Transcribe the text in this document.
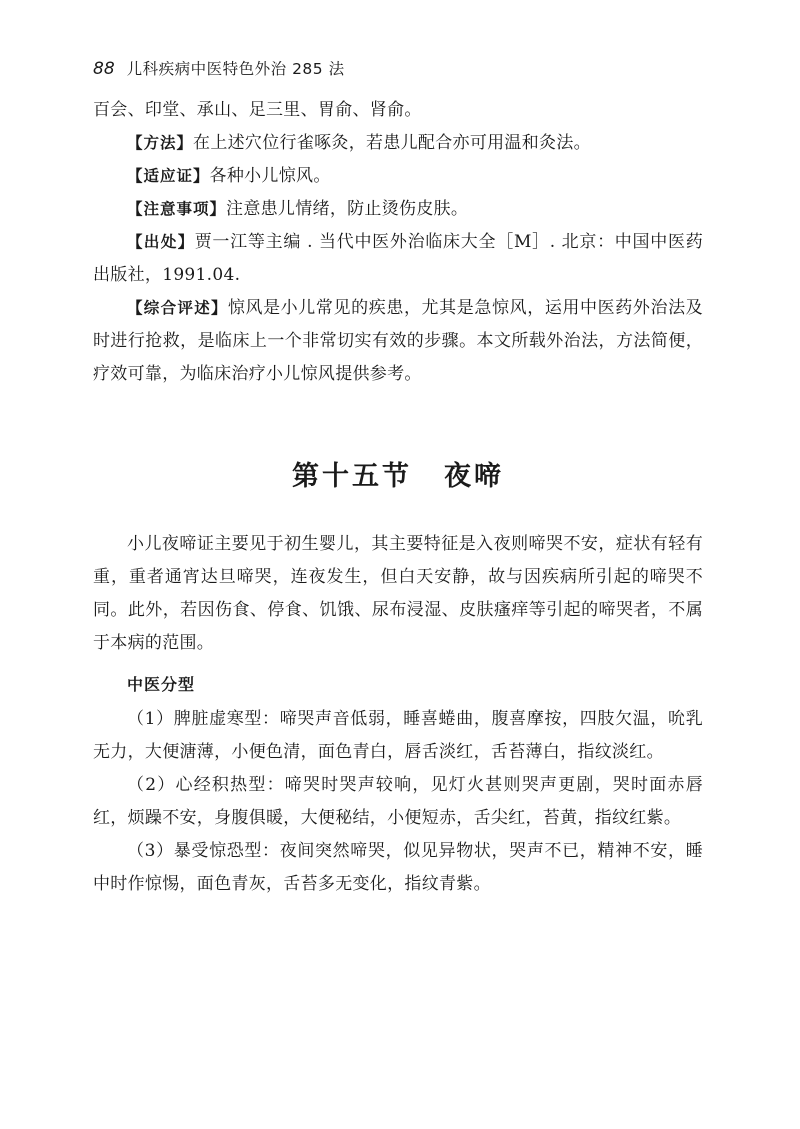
88 儿科疾病中医特色外治 285 法

百会、印堂、承山、足三里、胃俞、肾俞。

【方法】在上述穴位行雀啄灸，若患儿配合亦可用温和灸法。

【适应证】各种小儿惊风。

【注意事项】注意患儿情绪，防止烫伤皮肤。

【出处】贾一江等主编 . 当代中医外治临床大全［M］. 北京：中国中医药出版社，1991.04.

【综合评述】惊风是小儿常见的疾患，尤其是急惊风，运用中医药外治法及时进行抢救，是临床上一个非常切实有效的步骤。本文所载外治法，方法简便，疗效可靠，为临床治疗小儿惊风提供参考。

第十五节 夜啼

小儿夜啼证主要见于初生婴儿，其主要特征是入夜则啼哭不安，症状有轻有重，重者通宵达旦啼哭，连夜发生，但白天安静，故与因疾病所引起的啼哭不同。此外，若因伤食、停食、饥饿、尿布浸湿、皮肤瘙痒等引起的啼哭者，不属于本病的范围。

中医分型

（1）脾脏虚寒型：啼哭声音低弱，睡喜蜷曲，腹喜摩按，四肢欠温，吮乳无力，大便溏薄，小便色清，面色青白，唇舌淡红，舌苔薄白，指纹淡红。

（2）心经积热型：啼哭时哭声较响，见灯火甚则哭声更剧，哭时面赤唇红，烦躁不安，身腹俱暖，大便秘结，小便短赤，舌尖红，苔黄，指纹红紫。

（3）暴受惊恐型：夜间突然啼哭，似见异物状，哭声不已，精神不安，睡中时作惊惕，面色青灰，舌苔多无变化，指纹青紫。
